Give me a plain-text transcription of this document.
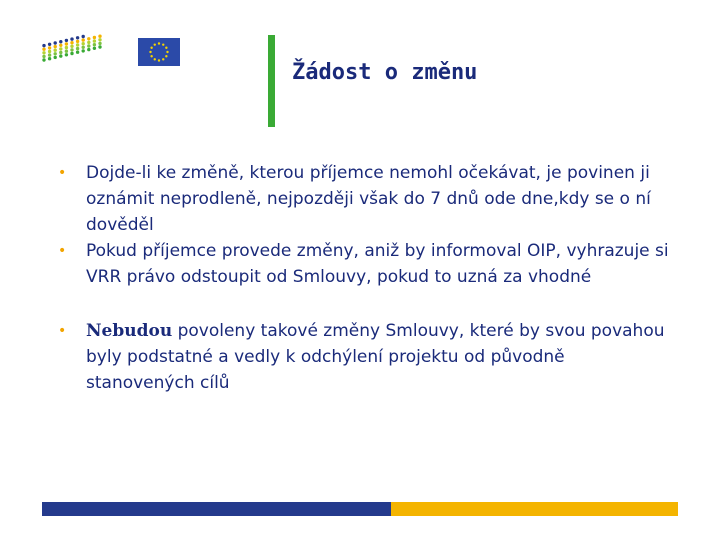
Žádost o změnu
• Dojde-li ke změně, kterou příjemce nemohl očekávat, je povinen ji oznámit neprodleně, nejpozději však do 7 dnů ode dne,kdy se o ní dověděl
• Pokud příjemce provede změny, aniž by informoval OIP, vyhrazuje si VRR právo odstoupit od Smlouvy, pokud to uzná za vhodné
• Nebudou povoleny takové změny Smlouvy, které by svou povahou byly podstatné a vedly k odchýlení projektu od původně stanovených cílů
